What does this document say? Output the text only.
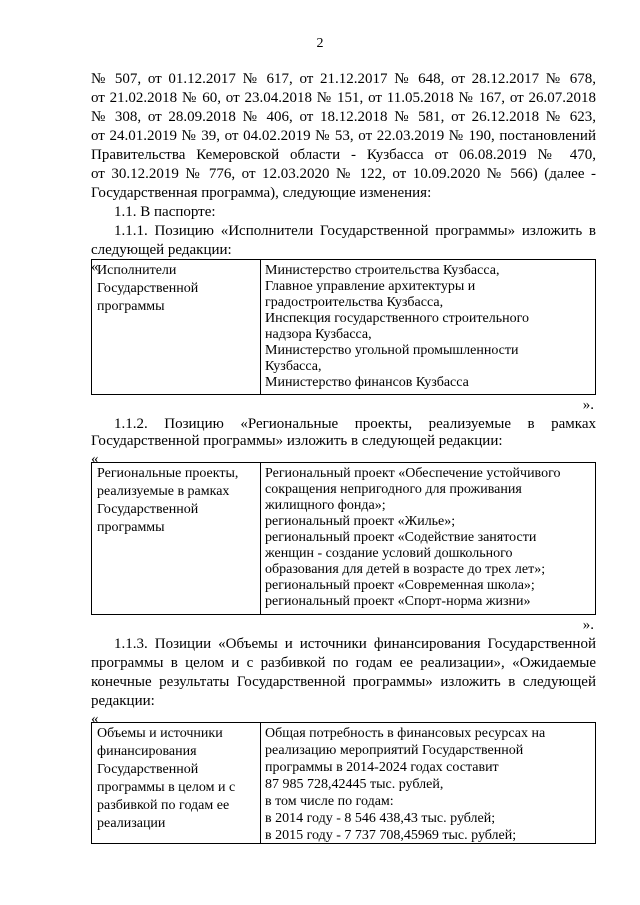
2
№ 507, от 01.12.2017 № 617, от 21.12.2017 № 648, от 28.12.2017 № 678,
от 21.02.2018 № 60, от 23.04.2018 № 151, от 11.05.2018 № 167, от 26.07.2018
№ 308, от 28.09.2018 № 406, от 18.12.2018 № 581, от 26.12.2018 № 623,
от 24.01.2019 № 39, от 04.02.2019 № 53, от 22.03.2019 № 190, постановлений
Правительства Кемеровской области - Кузбасса от 06.08.2019 № 470,
от 30.12.2019 № 776, от 12.03.2020 № 122, от 10.09.2020 № 566) (далее -
Государственная программа), следующие изменения:
1.1. В паспорте:
1.1.1. Позицию «Исполнители Государственной программы» изложить в
следующей редакции:
«
Исполнители
Государственной
программы
Министерство строительства Кузбасса,
Главное управление архитектуры и
градостроительства Кузбасса,
Инспекция государственного строительного
надзора Кузбасса,
Министерство угольной промышленности
Кузбасса,
Министерство финансов Кузбасса
».
1.1.2. Позицию «Региональные проекты, реализуемые в рамках
Государственной программы» изложить в следующей редакции:
«
Региональные проекты,
реализуемые в рамках
Государственной
программы
Региональный проект «Обеспечение устойчивого
сокращения непригодного для проживания
жилищного фонда»;
региональный проект «Жилье»;
региональный проект «Содействие занятости
женщин - создание условий дошкольного
образования для детей в возрасте до трех лет»;
региональный проект «Современная школа»;
региональный проект «Спорт-норма жизни»
».
1.1.3. Позиции «Объемы и источники финансирования Государственной
программы в целом и с разбивкой по годам ее реализации», «Ожидаемые
конечные результаты Государственной программы» изложить в следующей
редакции:
«
Объемы и источники
финансирования
Государственной
программы в целом и с
разбивкой по годам ее
реализации
Общая потребность в финансовых ресурсах на
реализацию мероприятий Государственной
программы в 2014-2024 годах составит
87 985 728,42445 тыс. рублей,
в том числе по годам:
в 2014 году - 8 546 438,43 тыс. рублей;
в 2015 году - 7 737 708,45969 тыс. рублей;
